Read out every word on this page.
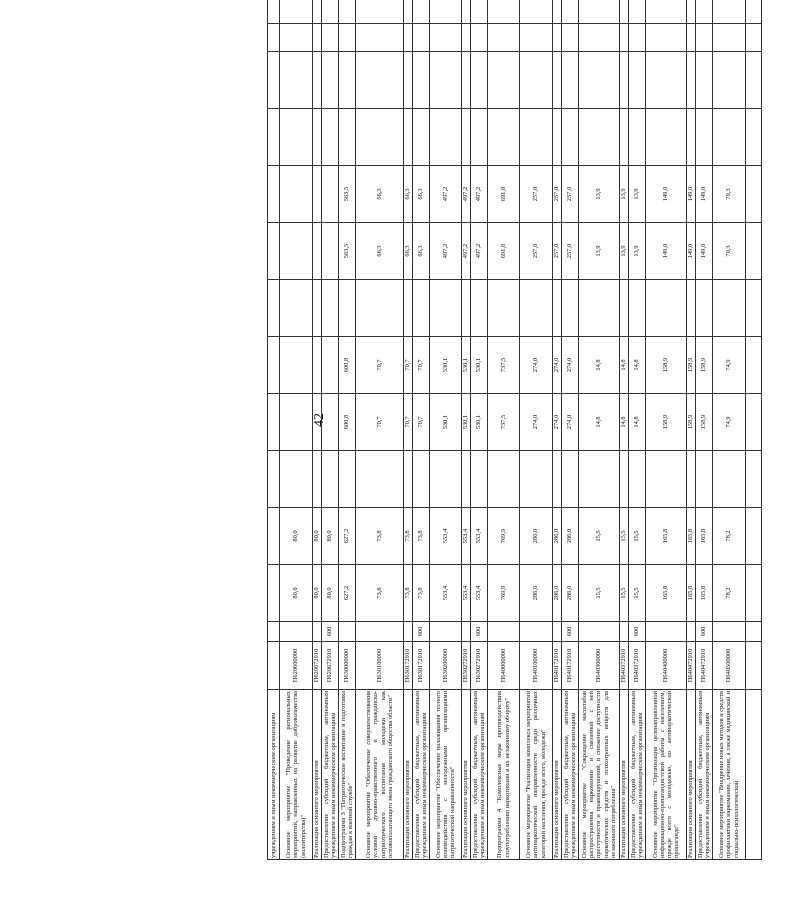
42
учреждениям и иным некоммерческим организациям														
Основное мероприятие "Проведение региональных мероприятий, направленных на развитие добровольчества (волонтерства)"	П620600000		80,0	80,0										
Реализация основного мероприятия	П620672910		80,0	80,0										
Предоставление субсидий бюджетным, автономным учреждениям и иным некоммерческим организациям	П620672910	600	80,0	80,0										
Подпрограмма 3 "Патриотическое воспитание и подготовка граждан к военной службе"	П630000000		627,2	627,2		600,8	600,8		563,5	563,5				
Основное мероприятие "Обеспечение совершенствования условий духовно-нравственного и гражданско-патриотического воспитания молодежи как основополагающего звена гражданского общества области"	П630100000		73,8	73,8		70,7	70,7		66,3	66,3				
Реализация основного мероприятия	П630172910		73,8	73,8		70,7	70,7		66,3	66,3				
Предоставление субсидий бюджетным, автономным учреждениям и иным некоммерческим организациям	П630172910	600	73,8	73,8		70,7	70,7		66,3	66,3				
Основное мероприятие "Обеспечение налаживания тесного взаимодействия с молодежными организациями патриотической направленности"	П630200000		553,4	553,4		530,1	530,1		497,2	497,2				
Реализация основного мероприятия	П630272910		553,4	553,4		530,1	530,1		497,2	497,2				
Предоставление субсидий бюджетным, автономным учреждениям и иным некоммерческим организациям	П630272910	600	553,4	553,4		530,1	530,1		497,2	497,2				
Подпрограмма 4 "Комплексные меры противодействия злоупотреблению наркотиками и их незаконному обороту"	П640000000		769,9	769,9		737,5	737,5		691,8	691,8				
Основное мероприятие "Реализация комплекса мероприятий антинаркотической направленности среди различных категорий населения, прежде всего, молодежи"	П640100000		286,0	286,0		274,0	274,0		257,0	257,0				
Реализация основного мероприятия	П640172910		286,0	286,0		274,0	274,0		257,0	257,0				
Предоставление субсидий бюджетным, автономным учреждениям и иным некоммерческим организациям	П640172910	600	286,0	286,0		274,0	274,0		257,0	257,0				
Основное мероприятие "Сокращение масштабов распространения наркомании и связанной с ней преступности и правонарушений, и снижение доступности наркотических средств и психотропных веществ для незаконного потребления"	П640300000		15,5	15,5		14,8	14,8		13,9	13,9				
Реализация основного мероприятия	П640372910		15,5	15,5		14,8	14,8		13,9	13,9				
Предоставление субсидий бюджетным, автономным учреждениям и иным некоммерческим организациям	П640372910	600	15,5	15,5		14,8	14,8		13,9	13,9				
Основное мероприятие "Организация целенаправленной информационно-пропагандистской работы с населением, прежде всего с молодежью, по антинаркотической пропаганде"	П640400000		165,8	165,8		158,9	158,9		149,0	149,0				
Реализация основного мероприятия	П640472910		165,8	165,8		158,9	158,9		149,0	149,0				
Предоставление субсидий бюджетным, автономным учреждениям и иным некоммерческим организациям	П640472910	600	165,8	165,8		158,9	158,9		149,0	149,0				
Основное мероприятие "Внедрение новых методов и средств профилактики наркомании, лечения, а также медицинской и социально-психологической	П640500000		78,2	78,2		74,9	74,9		70,3	70,3				
